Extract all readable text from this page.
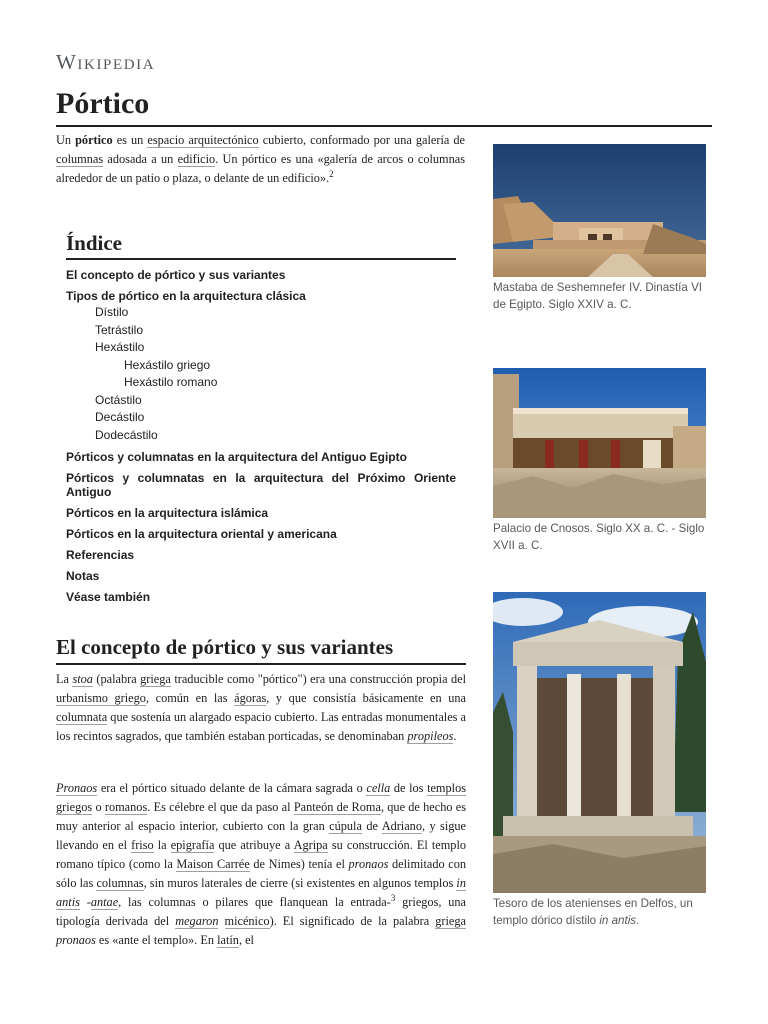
Wikipedia
Pórtico
Un pórtico es un espacio arquitectónico cubierto, conformado por una galería de columnas adosada a un edificio. Un pórtico es una «galería de arcos o columnas alrededor de un patio o plaza, o delante de un edificio».$^2$
Índice
El concepto de pórtico y sus variantes
Tipos de pórtico en la arquitectura clásica
Dístilo
Tetrástilo
Hexástilo
Hexástilo griego
Hexástilo romano
Octástilo
Decástilo
Dodecástilo
Pórticos y columnatas en la arquitectura del Antiguo Egipto
Pórticos y columnatas en la arquitectura del Próximo Oriente Antiguo
Pórticos en la arquitectura islámica
Pórticos en la arquitectura oriental y americana
Referencias
Notas
Véase también
El concepto de pórtico y sus variantes
La stoa (palabra griega traducible como "pórtico") era una construcción propia del urbanismo griego, común en las ágoras, y que consistía básicamente en una columnata que sostenía un alargado espacio cubierto. Las entradas monumentales a los recintos sagrados, que también estaban porticadas, se denominaban propileos.
Pronaos era el pórtico situado delante de la cámara sagrada o cella de los templos griegos o romanos. Es célebre el que da paso al Panteón de Roma, que de hecho es muy anterior al espacio interior, cubierto con la gran cúpula de Adriano, y sigue llevando en el friso la epigrafía que atribuye a Agripa su construcción. El templo romano típico (como la Maison Carrée de Nimes) tenía el pronaos delimitado con sólo las columnas, sin muros laterales de cierre (si existentes en algunos templos in antis -antae, las columnas o pilares que flanquean la entrada-$^3$ griegos, una tipología derivada del megaron micénico). El significado de la palabra griega pronaos es «ante el templo». En latín, el
Mastaba de Seshemnefer IV. Dinastía VI de Egipto. Siglo XXIV a. C.
Palacio de Cnosos. Siglo XX a. C. - Siglo XVII a. C.
Tesoro de los atenienses en Delfos, un templo dórico dístilo in antis.
